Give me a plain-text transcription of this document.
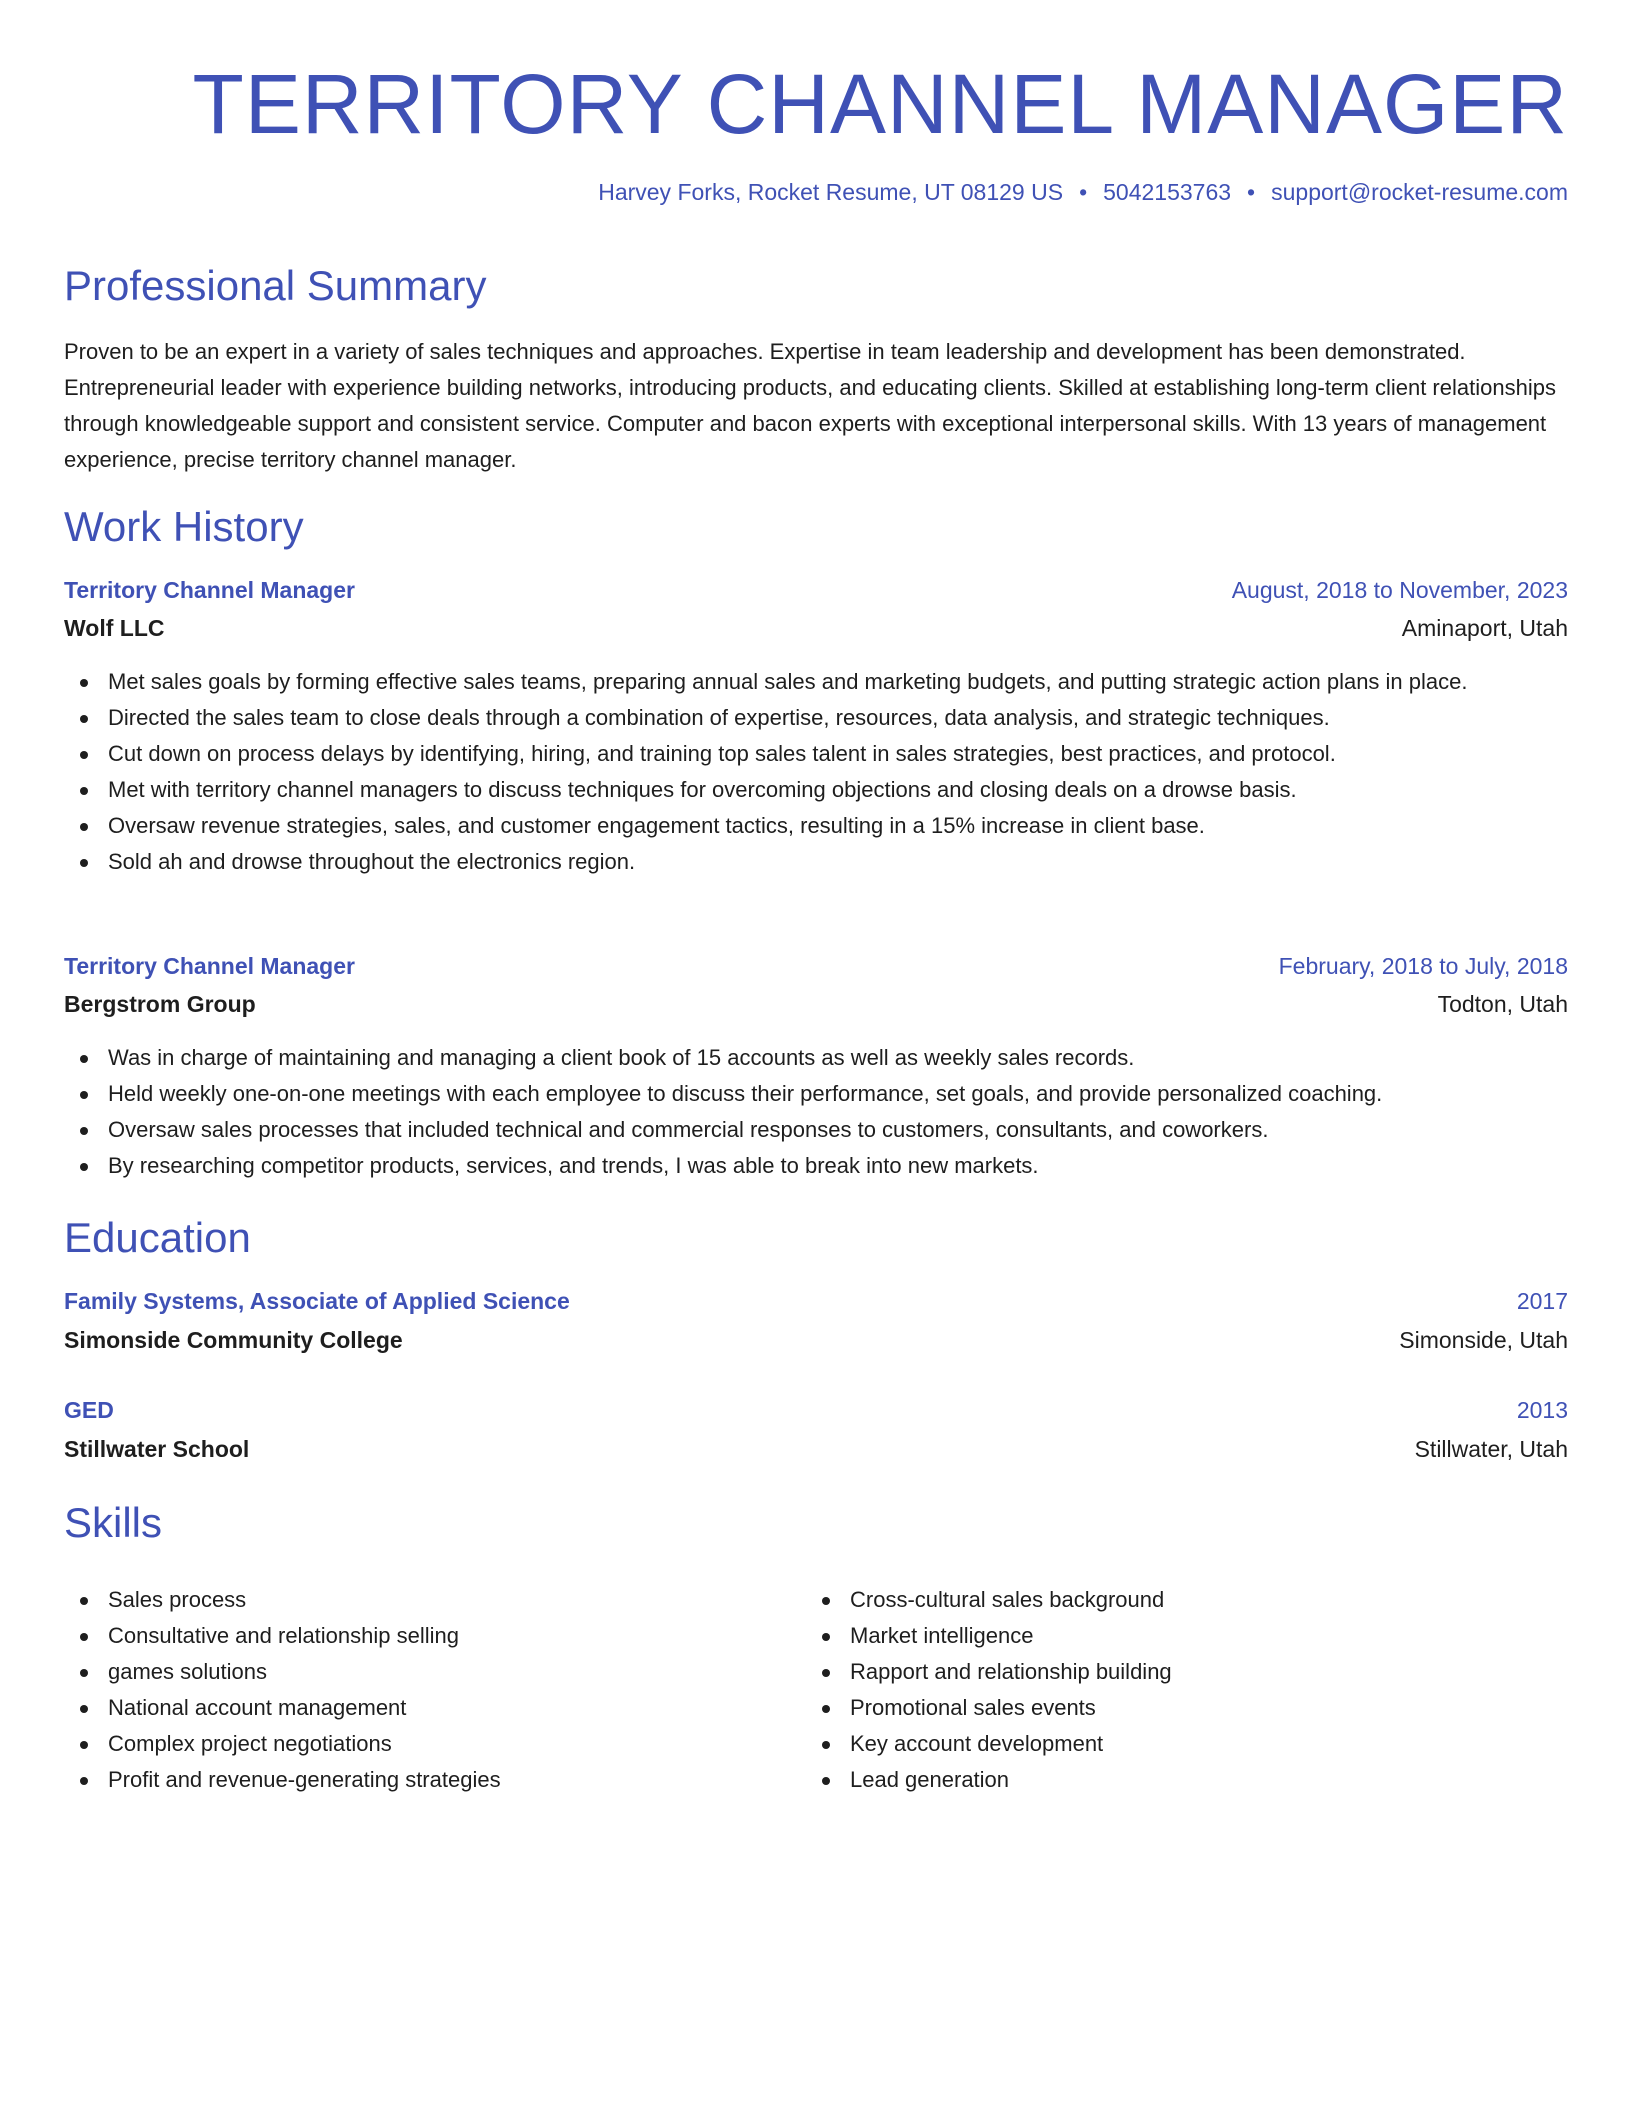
TERRITORY CHANNEL MANAGER
Harvey Forks, Rocket Resume, UT 08129 US • 5042153763 • support@rocket-resume.com
Professional Summary

Proven to be an expert in a variety of sales techniques and approaches. Expertise in team leadership and development has been demonstrated. Entrepreneurial leader with experience building networks, introducing products, and educating clients. Skilled at establishing long-term client relationships through knowledgeable support and consistent service. Computer and bacon experts with exceptional interpersonal skills. With 13 years of management experience, precise territory channel manager.

Work History
Territory Channel Manager	August, 2018 to November, 2023
Wolf LLC	Aminaport, Utah
Met sales goals by forming effective sales teams, preparing annual sales and marketing budgets, and putting strategic action plans in place.
Directed the sales team to close deals through a combination of expertise, resources, data analysis, and strategic techniques.
Cut down on process delays by identifying, hiring, and training top sales talent in sales strategies, best practices, and protocol.
Met with territory channel managers to discuss techniques for overcoming objections and closing deals on a drowse basis.
Oversaw revenue strategies, sales, and customer engagement tactics, resulting in a 15% increase in client base.
Sold ah and drowse throughout the electronics region.
Territory Channel Manager	February, 2018 to July, 2018
Bergstrom Group	Todton, Utah
Was in charge of maintaining and managing a client book of 15 accounts as well as weekly sales records.
Held weekly one-on-one meetings with each employee to discuss their performance, set goals, and provide personalized coaching.
Oversaw sales processes that included technical and commercial responses to customers, consultants, and coworkers.
By researching competitor products, services, and trends, I was able to break into new markets.
Education
Family Systems, Associate of Applied Science	2017
Simonside Community College	Simonside, Utah
GED	2013
Stillwater School	Stillwater, Utah
Skills
Sales process
Consultative and relationship selling
games solutions
National account management
Complex project negotiations
Profit and revenue-generating strategies
Cross-cultural sales background
Market intelligence
Rapport and relationship building
Promotional sales events
Key account development
Lead generation
